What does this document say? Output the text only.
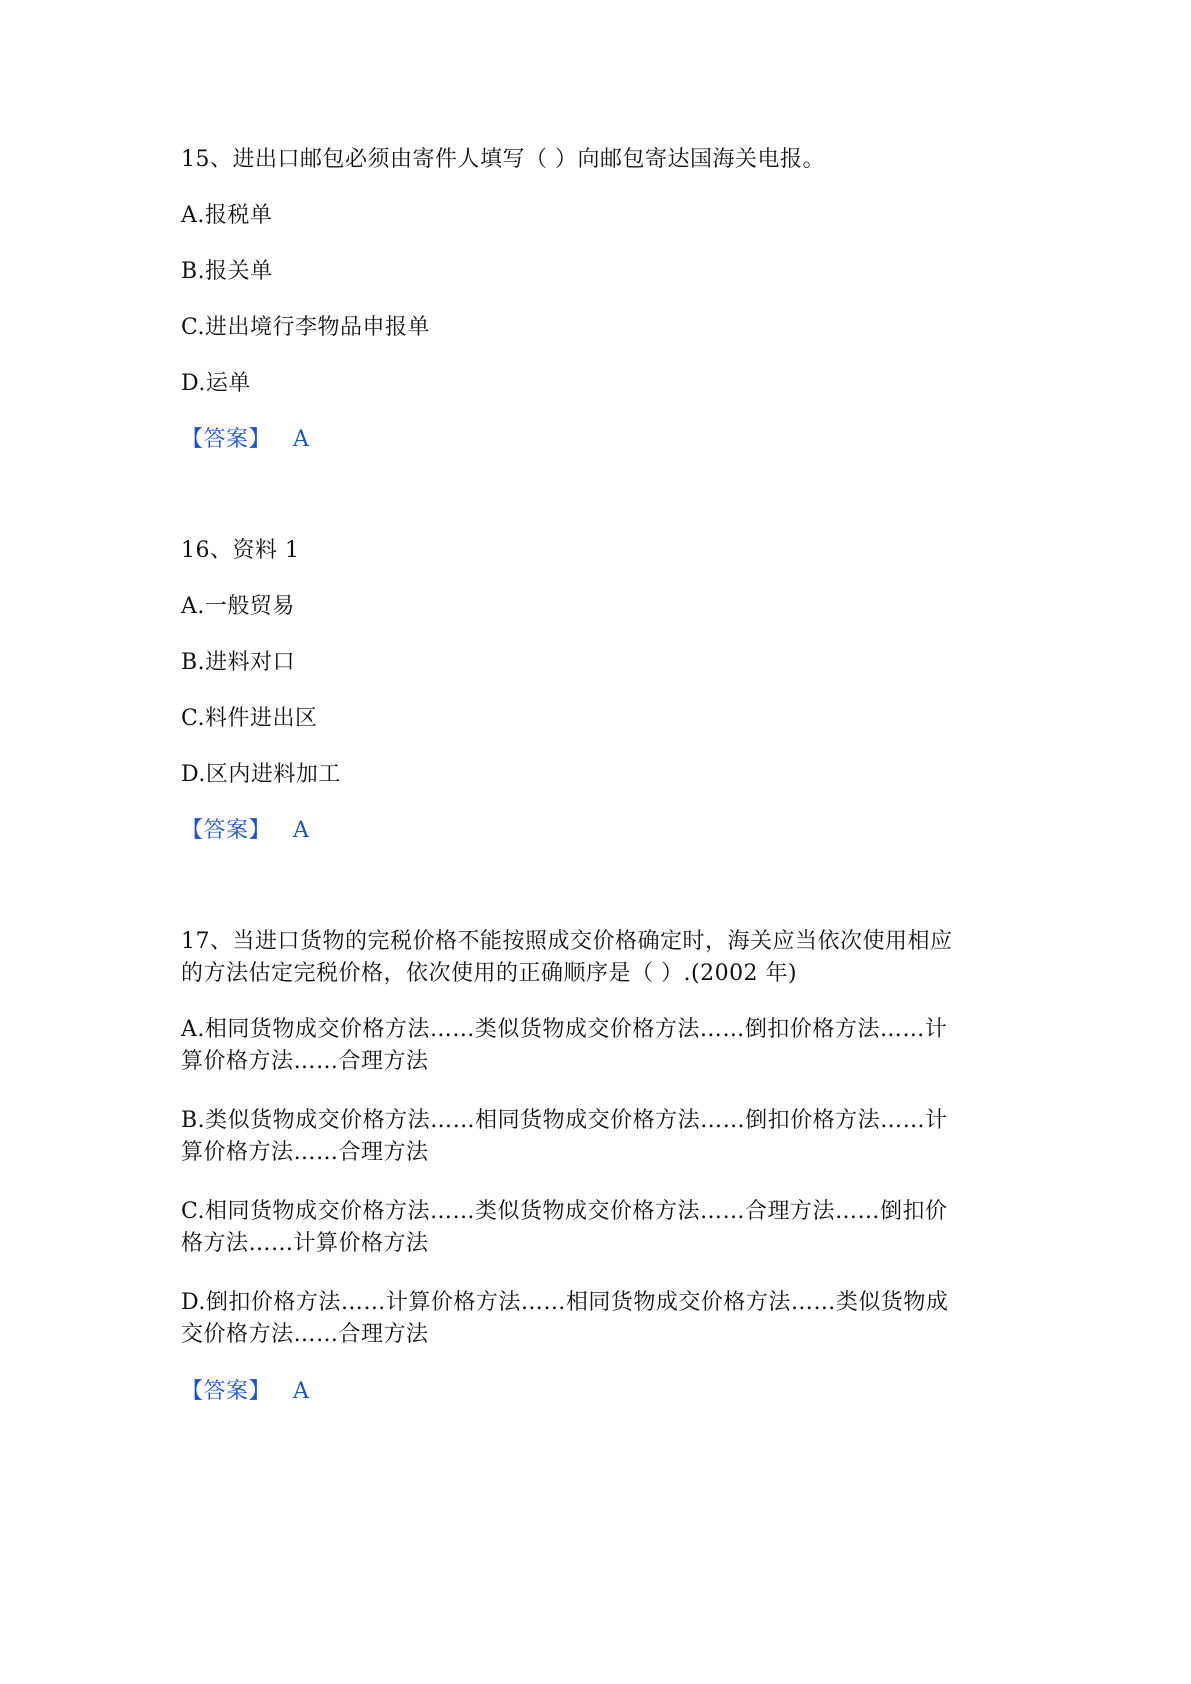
15、进出口邮包必须由寄件人填写（ ）向邮包寄达国海关电报。
A.报税单
B.报关单
C.进出境行李物品申报单
D.运单
【答案】 A
16、资料 1
A.一般贸易
B.进料对口
C.料件进出区
D.区内进料加工
【答案】 A
17、当进口货物的完税价格不能按照成交价格确定时，海关应当依次使用相应
的方法估定完税价格，依次使用的正确顺序是（ ）.(2002 年)
A.相同货物成交价格方法……类似货物成交价格方法……倒扣价格方法……计
算价格方法……合理方法
B.类似货物成交价格方法……相同货物成交价格方法……倒扣价格方法……计
算价格方法……合理方法
C.相同货物成交价格方法……类似货物成交价格方法……合理方法……倒扣价
格方法……计算价格方法
D.倒扣价格方法……计算价格方法……相同货物成交价格方法……类似货物成
交价格方法……合理方法
【答案】 A
